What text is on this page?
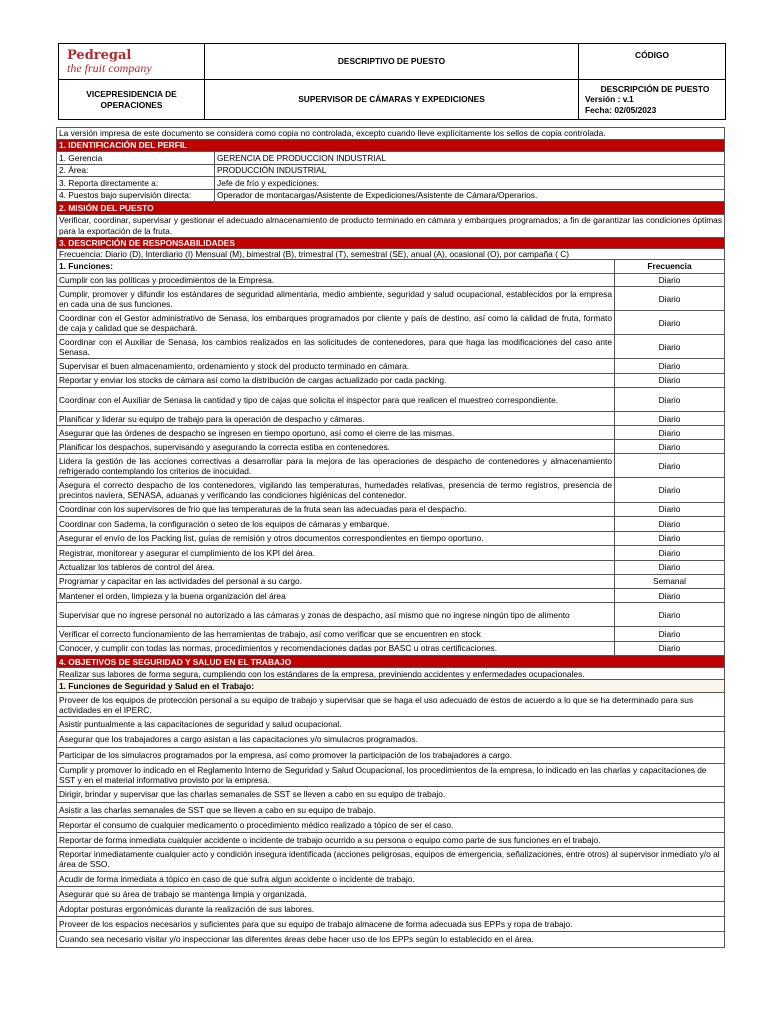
Pedregal
the fruit company	DESCRIPTIVO DE PUESTO	CÓDIGO
VICEPRESIDENCIA DE OPERACIONES	SUPERVISOR DE CÁMARAS Y EXPEDICIONES	DESCRIPCIÓN DE PUESTO
Versión : v.1
Fecha: 02/05/2023
La versión impresa de este documento se considera como copia no controlada, excepto cuando lleve explícitamente los sellos de copia controlada.		
1. IDENTIFICACIÓN DEL PERFIL		
1. Gerencia	GERENCIA DE PRODUCCION INDUSTRIAL	
2. Área:	PRODUCCIÓN INDUSTRIAL	
3. Reporta directamente a:	Jefe de frío y expediciones.	
4. Puestos bajo supervisión directa:	Operador de montacargas/Asistente de Expediciones/Asistente de Cámara/Operarios.	
2. MISIÓN DEL PUESTO		
Verificar, coordinar, supervisar y gestionar el adecuado almacenamiento de producto terminado en cámara y embarques programados; a fin de garantizar las condiciones óptimas para la exportación de la fruta.		
3. DESCRIPCIÓN DE RESPONSABILIDADES		
Frecuencia: Diario (D), Interdiario (I) Mensual (M), bimestral (B), trimestral (T), semestral (SE), anual (A), ocasional (O), por campaña ( C)		
1. Funciones:		Frecuencia
Cumplir con las políticas y procedimientos de la Empresa.		Diario
Cumplir, promover y difundir los estándares de seguridad alimentaria, medio ambiente, seguridad y salud ocupacional, establecidos por la empresa en cada una de sus funciones.		Diario
Coordinar con el Gestor administrativo de Senasa, los embarques programados por cliente y país de destino, así como la calidad de fruta, formato de caja y calidad que se despachará.		Diario
Coordinar con el Auxiliar de Senasa, los cambios realizados en las solicitudes de contenedores, para que haga las modificaciones del caso ante Senasa.		Diario
Supervisar el buen almacenamiento, ordenamiento y stock del producto terminado en cámara.		Diario
Reportar y enviar los stocks de cámara así como la distribución de cargas actualizado por cada packing.		Diario
Coordinar con el Auxiliar de Senasa la cantidad y tipo de cajas que solicita el inspector para que realicen el muestreo correspondiente.		Diario
Planificar y liderar su equipo de trabajo para la operación de despacho y cámaras.		Diario
Asegurar que las órdenes de despacho se ingresen en tiempo oportuno, así como el cierre de las mismas.		Diario
Planificar los despachos, supervisando y asegurando la correcta estiba en contenedores.		Diario
Lidera la gestión de las acciones correctivas a desarrollar para la mejora de las operaciones de despacho de contenedores y almacenamiento refrigerado contemplando los criterios de inocuidad.		Diario
Asegura el correcto despacho de los contenedores, vigilando las temperaturas, humedades relativas, presencia de termo registros, presencia de precintos naviera, SENASA, aduanas y verificando las condiciones higiénicas del contenedor.		Diario
Coordinar con los supervisores de frio que las temperaturas de la fruta sean las adecuadas para el despacho.		Diario
Coordinar con Sadema, la configuración o seteo de los equipos de cámaras y embarque.		Diario
Asegurar el envío de los Packing list, guías de remisión y otros documentos correspondientes en tiempo oportuno.		Diario
Registrar, monitorear y asegurar el cumplimiento de los KPI del área.		Diario
Actualizar los tableros de control del área.		Diario
Programar y capacitar en las actividades del personal a su cargo.		Semanal
Mantener el orden, limpieza y la buena organización del área		Diario
Supervisar que no ingrese personal no autorizado a las cámaras y zonas de despacho, así mismo que no ingrese ningún tipo de alimento		Diario
Verificar el correcto funcionamiento de las herramientas de trabajo, así como verificar que se encuentren en stock		Diario
Conocer, y cumplir con todas las normas, procedimientos y recomendaciones dadas por BASC u otras certificaciones.		Diario
4. OBJETIVOS DE SEGURIDAD Y SALUD EN EL TRABAJO		
Realizar sus labores de forma segura, cumpliendo con los estándares de la empresa, previniendo accidentes y enfermedades ocupacionales.		
1. Funciones de Seguridad y Salud en el Trabajo:		
Proveer de los equipos de protección personal a su equipo de trabajo y supervisar que se haga el uso adecuado de estos de acuerdo a lo que se ha determinado para sus actividades en el IPERC.		
Asistir puntualmente a las capacitaciones de seguridad y salud ocupacional.		
Asegurar que los trabajadores a cargo asistan a las capacitaciones y/o simulacros programados.		
Participar de los simulacros programados por la empresa, así como promover la participación de los trabajadores a cargo.		
Cumplir y promover lo indicado en el Reglamento Interno de Seguridad y Salud Ocupacional, los procedimientos de la empresa, lo indicado en las charlas y capacitaciones de SST y en el material informativo provisto por la empresa.		
Dirigir, brindar y supervisar que las charlas semanales de SST se lleven a cabo en su equipo de trabajo.		
Asistir a las charlas semanales de SST que se lleven a cabo en su equipo de trabajo.		
Reportar el consumo de cualquier medicamento o procedimiento médico realizado a tópico de ser el caso.		
Reportar de forma inmediata cualquier accidente o incidente de trabajo ocurrido a su persona o equipo como parte de sus funciones en el trabajo.		
Reportar inmediatamente cualquier acto y condición insegura identificada (acciones peligrosas, equipos de emergencia, señalizaciones, entre otros) al supervisor inmediato y/o al área de SSO.		
Acudir de forma inmediata a tópico en caso de que sufra algun accidente o incidente de trabajo.		
Asegurar que su área de trabajo se mantenga limpia y organizada.		
Adoptar posturas ergonómicas durante la realización de sus labores.		
Proveer de los espacios necesarios y suficientes para que su equipo de trabajo almacene de forma adecuada sus EPPs y ropa de trabajo.		
Cuando sea necesario visitar y/o inspeccionar las diferentes áreas debe hacer uso de los EPPs según lo establecido en el área.		
